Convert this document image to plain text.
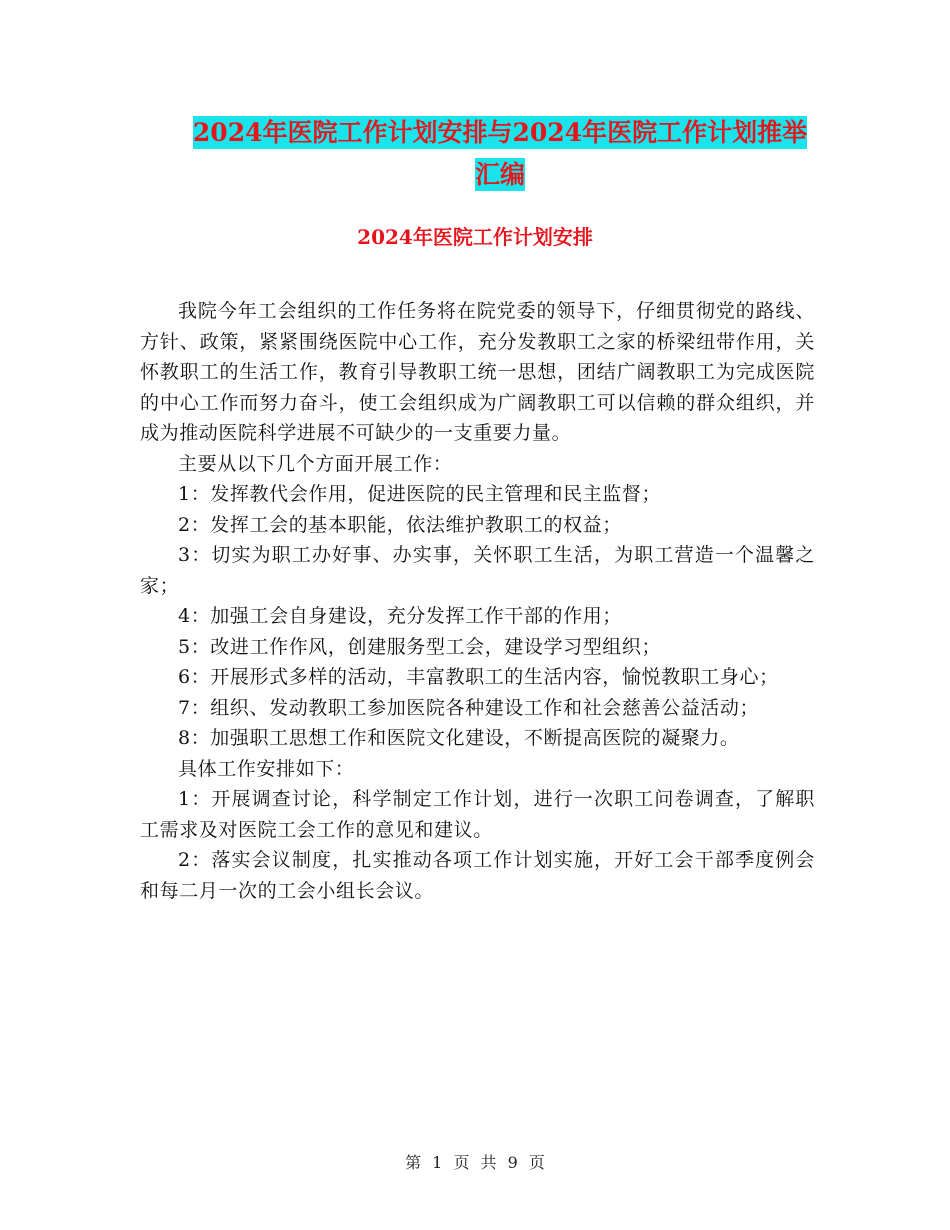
2024年医院工作计划安排与2024年医院工作计划推举
汇编
2024年医院工作计划安排

我院今年工会组织的工作任务将在院党委的领导下，仔细贯彻党的路线、方针、政策，紧紧围绕医院中心工作，充分发教职工之家的桥梁纽带作用，关怀教职工的生活工作，教育引导教职工统一思想，团结广阔教职工为完成医院的中心工作而努力奋斗，使工会组织成为广阔教职工可以信赖的群众组织，并成为推动医院科学进展不可缺少的一支重要力量。

主要从以下几个方面开展工作：

1：发挥教代会作用，促进医院的民主管理和民主监督；

2：发挥工会的基本职能，依法维护教职工的权益；

3：切实为职工办好事、办实事，关怀职工生活，为职工营造一个温馨之家；

4：加强工会自身建设，充分发挥工作干部的作用；

5：改进工作作风，创建服务型工会，建设学习型组织；

6：开展形式多样的活动，丰富教职工的生活内容，愉悦教职工身心；

7：组织、发动教职工参加医院各种建设工作和社会慈善公益活动；

8：加强职工思想工作和医院文化建设，不断提高医院的凝聚力。

具体工作安排如下：

1：开展调查讨论，科学制定工作计划，进行一次职工问卷调查，了解职工需求及对医院工会工作的意见和建议。

2：落实会议制度，扎实推动各项工作计划实施，开好工会干部季度例会和每二月一次的工会小组长会议。

第 1 页 共 9 页
